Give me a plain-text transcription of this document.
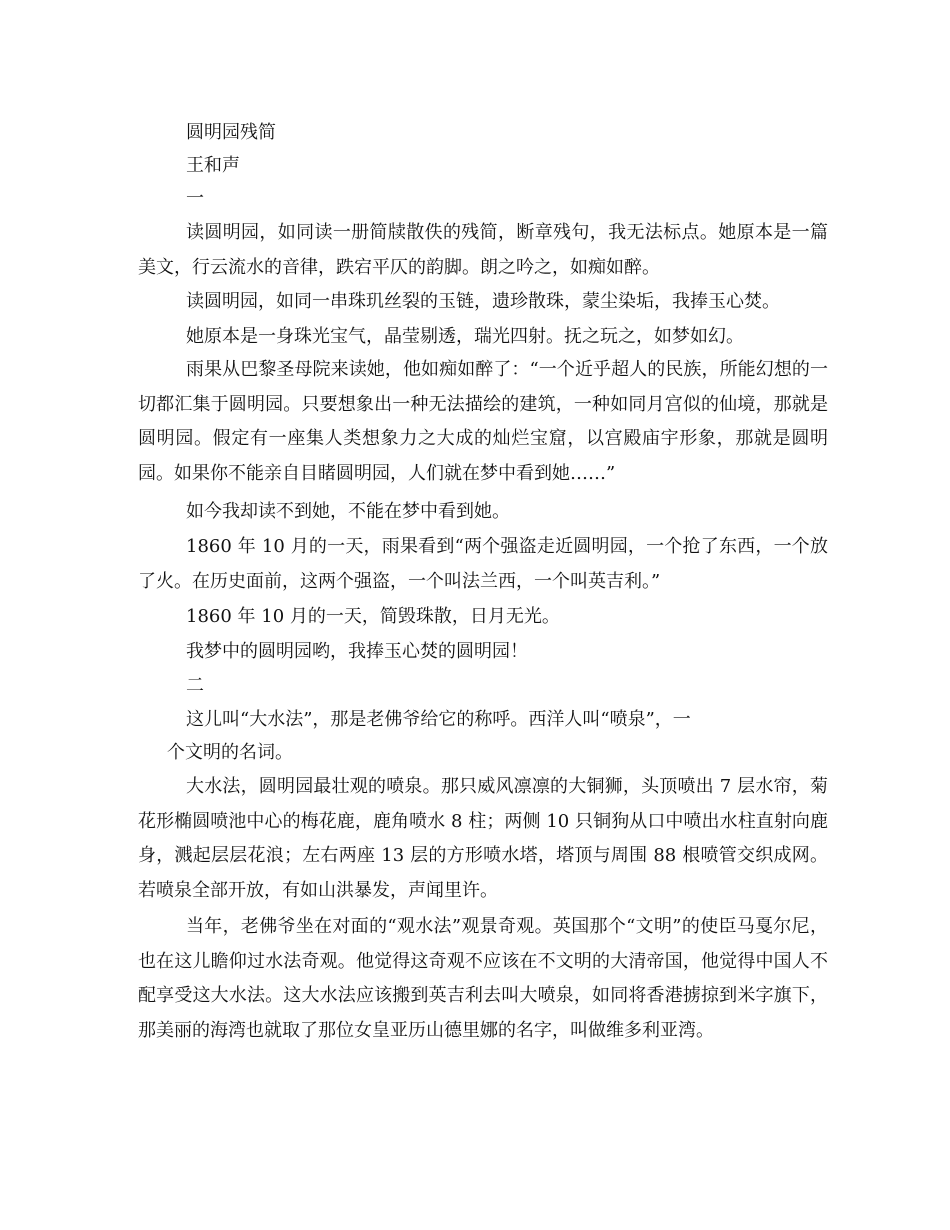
圆明园残简
王和声
一

读圆明园，如同读一册简牍散佚的残简，断章残句，我无法标点。她原本是一篇美文，行云流水的音律，跌宕平仄的韵脚。朗之吟之，如痴如醉。

读圆明园，如同一串珠玑丝裂的玉链，遗珍散珠，蒙尘染垢，我捧玉心焚。

她原本是一身珠光宝气，晶莹剔透，瑞光四射。抚之玩之，如梦如幻。

雨果从巴黎圣母院来读她，他如痴如醉了：“一个近乎超人的民族，所能幻想的一切都汇集于圆明园。只要想象出一种无法描绘的建筑，一种如同月宫似的仙境，那就是圆明园。假定有一座集人类想象力之大成的灿烂宝窟，以宫殿庙宇形象，那就是圆明园。如果你不能亲自目睹圆明园，人们就在梦中看到她……”

如今我却读不到她，不能在梦中看到她。

1860 年 10 月的一天，雨果看到“两个强盗走近圆明园，一个抢了东西，一个放了火。在历史面前，这两个强盗，一个叫法兰西，一个叫英吉利。”

1860 年 10 月的一天，简毁珠散，日月无光。

我梦中的圆明园哟，我捧玉心焚的圆明园！

二
这儿叫“大水法”，那是老佛爷给它的称呼。西洋人叫“喷泉”，一
个文明的名词。

大水法，圆明园最壮观的喷泉。那只威风凛凛的大铜狮，头顶喷出 7 层水帘，菊花形椭圆喷池中心的梅花鹿，鹿角喷水 8 柱；两侧 10 只铜狗从口中喷出水柱直射向鹿身，溅起层层花浪；左右两座 13 层的方形喷水塔，塔顶与周围 88 根喷管交织成网。若喷泉全部开放，有如山洪暴发，声闻里许。

当年，老佛爷坐在对面的“观水法”观景奇观。英国那个“文明”的使臣马戛尔尼，也在这儿瞻仰过水法奇观。他觉得这奇观不应该在不文明的大清帝国，他觉得中国人不配享受这大水法。这大水法应该搬到英吉利去叫大喷泉，如同将香港掳掠到米字旗下，那美丽的海湾也就取了那位女皇亚历山德里娜的名字，叫做维多利亚湾。
